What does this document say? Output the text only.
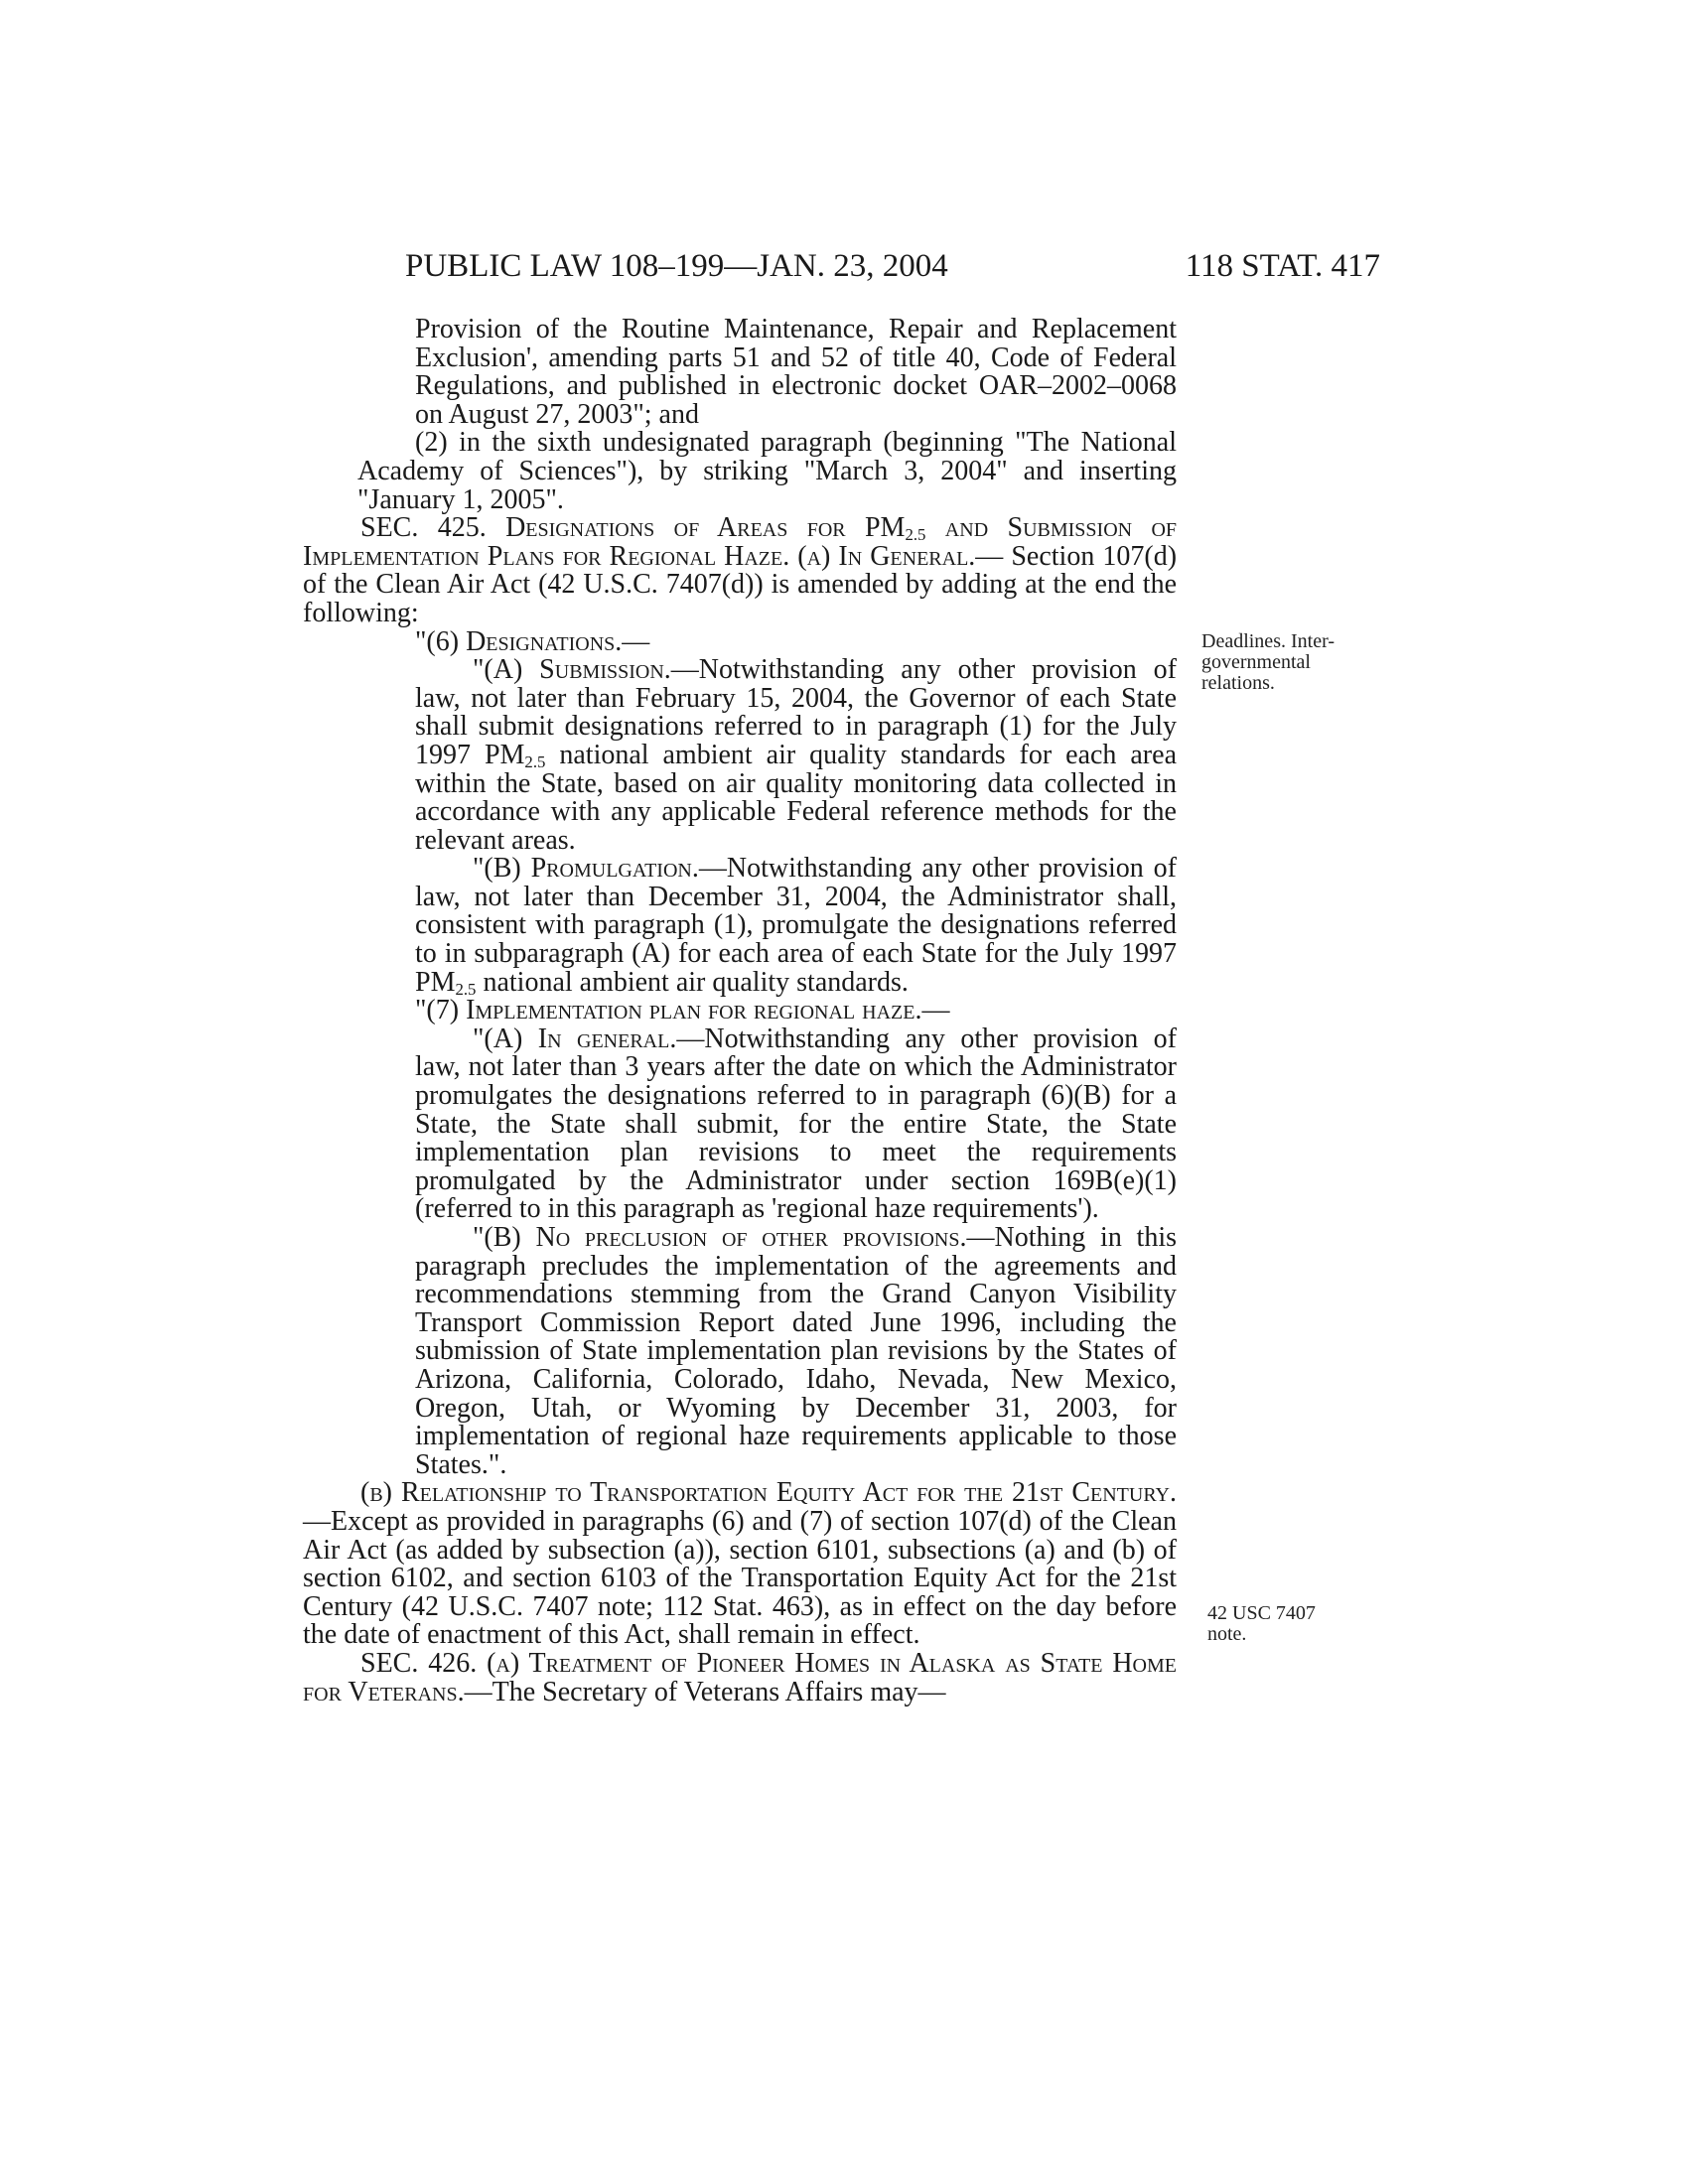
PUBLIC LAW 108–199—JAN. 23, 2004	118 STAT. 417

Provision of the Routine Maintenance, Repair and Replacement Exclusion', amending parts 51 and 52 of title 40, Code of Federal Regulations, and published in electronic docket OAR–2002–0068 on August 27, 2003"; and

(2) in the sixth undesignated paragraph (beginning "The National Academy of Sciences"), by striking "March 3, 2004" and inserting "January 1, 2005".

SEC. 425. Designations of Areas for $PM_{2.5}$ and Submission of Implementation Plans for Regional Haze. (a) In General.— Section 107(d) of the Clean Air Act (42 U.S.C. 7407(d)) is amended by adding at the end the following:

"(6) Designations.—

"(A) Submission.—Notwithstanding any other provision of law, not later than February 15, 2004, the Governor of each State shall submit designations referred to in paragraph (1) for the July 1997 $PM_{2.5}$ national ambient air quality standards for each area within the State, based on air quality monitoring data collected in accordance with any applicable Federal reference methods for the relevant areas.

"(B) Promulgation.—Notwithstanding any other provision of law, not later than December 31, 2004, the Administrator shall, consistent with paragraph (1), promulgate the designations referred to in subparagraph (A) for each area of each State for the July 1997 $PM_{2.5}$ national ambient air quality standards.

"(7) Implementation plan for regional haze.—

"(A) In general.—Notwithstanding any other provision of law, not later than 3 years after the date on which the Administrator promulgates the designations referred to in paragraph (6)(B) for a State, the State shall submit, for the entire State, the State implementation plan revisions to meet the requirements promulgated by the Administrator under section 169B(e)(1) (referred to in this paragraph as 'regional haze requirements').

"(B) No preclusion of other provisions.—Nothing in this paragraph precludes the implementation of the agreements and recommendations stemming from the Grand Canyon Visibility Transport Commission Report dated June 1996, including the submission of State implementation plan revisions by the States of Arizona, California, Colorado, Idaho, Nevada, New Mexico, Oregon, Utah, or Wyoming by December 31, 2003, for implementation of regional haze requirements applicable to those States.".

(b) Relationship to Transportation Equity Act for the 21st Century.—Except as provided in paragraphs (6) and (7) of section 107(d) of the Clean Air Act (as added by subsection (a)), section 6101, subsections (a) and (b) of section 6102, and section 6103 of the Transportation Equity Act for the 21st Century (42 U.S.C. 7407 note; 112 Stat. 463), as in effect on the day before the date of enactment of this Act, shall remain in effect.

SEC. 426. (a) Treatment of Pioneer Homes in Alaska as State Home for Veterans.—The Secretary of Veterans Affairs may—

Deadlines. Inter-governmental relations.
42 USC 7407 note.
